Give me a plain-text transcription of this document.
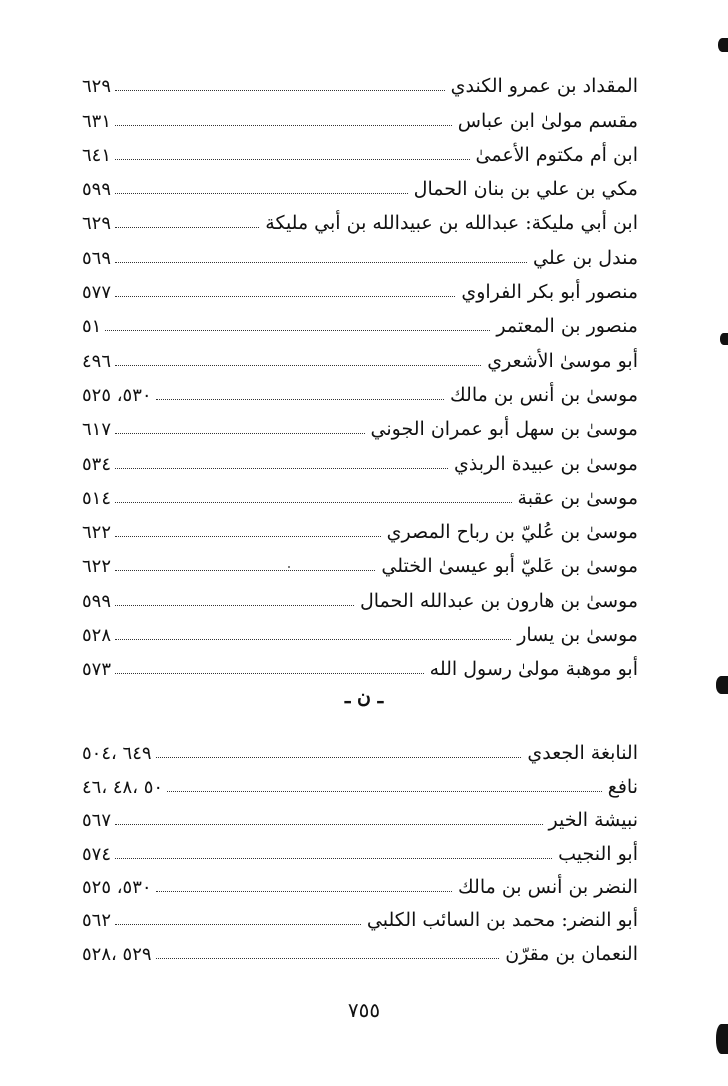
المقداد بن عمرو الكندي
٦٢٩
مقسم مولىٰ ابن عباس
٦٣١
ابن أم مكتوم الأعمىٰ
٦٤١
مكي بن علي بن بنان الحمال
٥٩٩
ابن أبي مليكة: عبدالله بن عبيدالله بن أبي مليكة
٦٢٩
مندل بن علي
٥٦٩
منصور أبو بكر الفراوي
٥٧٧
منصور بن المعتمر
٥١
أبو موسىٰ الأشعري
٤٩٦
موسىٰ بن أنس بن مالك
٥٣٠، ٥٢٥
موسىٰ بن سهل أبو عمران الجوني
٦١٧
موسىٰ بن عبيدة الربذي
٥٣٤
موسىٰ بن عقبة
٥١٤
موسىٰ بن عُليّ بن رباح المصري
٦٢٢
موسىٰ بن عَليّ أبو عيسىٰ الختلي
٦٢٢
موسىٰ بن هارون بن عبدالله الحمال
٥٩٩
موسىٰ بن يسار
٥٢٨
أبو موهبة مولىٰ رسول الله
٥٧٣
ـ ن ـ
النابغة الجعدي
٦٤٩ ،٥٠٤
نافع
٥٠ ،٤٨ ،٤٦
نبيشة الخير
٥٦٧
أبو النجيب
٥٧٤
النضر بن أنس بن مالك
٥٣٠، ٥٢٥
أبو النضر: محمد بن السائب الكلبي
٥٦٢
النعمان بن مقرّن
٥٢٩ ،٥٢٨
٧٥٥
